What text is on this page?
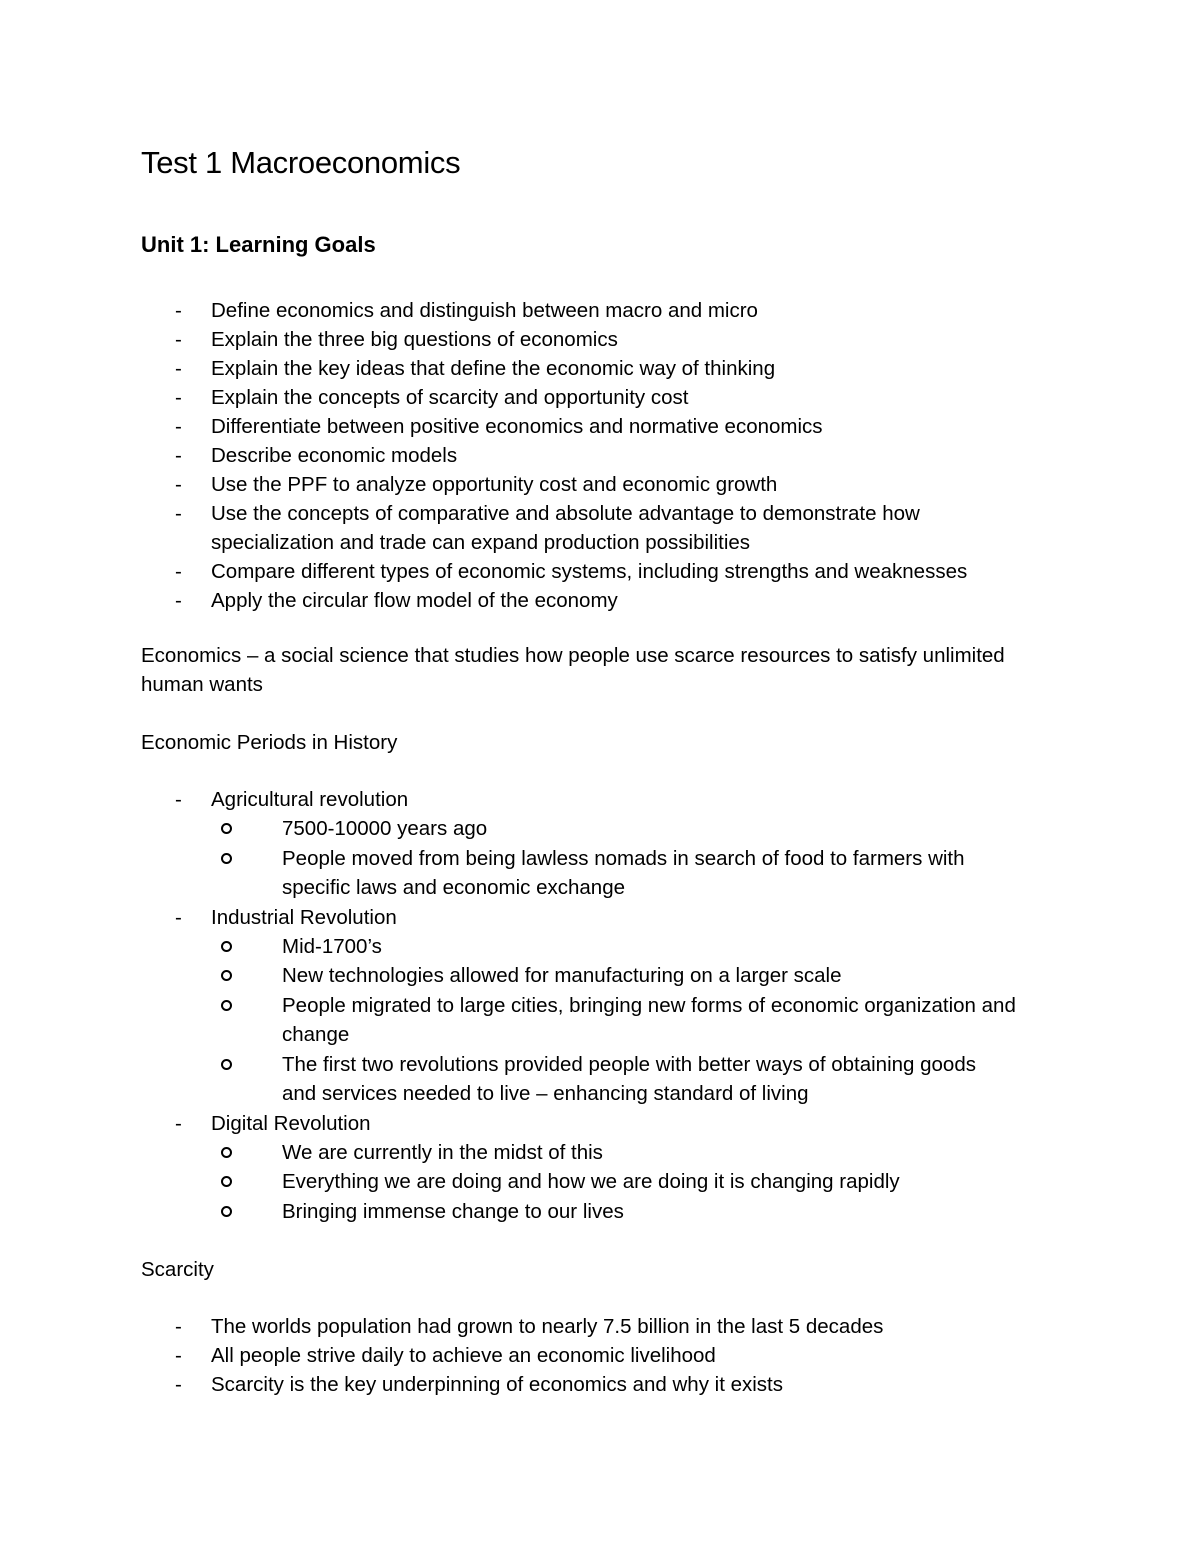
Test 1 Macroeconomics
Unit 1: Learning Goals
-	Define economics and distinguish between macro and micro
-	Explain the three big questions of economics
-	Explain the key ideas that define the economic way of thinking
-	Explain the concepts of scarcity and opportunity cost
-	Differentiate between positive economics and normative economics
-	Describe economic models
-	Use the PPF to analyze opportunity cost and economic growth
-	Use the concepts of comparative and absolute advantage to demonstrate how
specialization and trade can expand production possibilities
-	Compare different types of economic systems, including strengths and weaknesses
-	Apply the circular flow model of the economy

Economics – a social science that studies how people use scarce resources to satisfy unlimited

human wants

Economic Periods in History

-	Agricultural revolution
7500-10000 years ago
People moved from being lawless nomads in search of food to farmers with
specific laws and economic exchange
-	Industrial Revolution
Mid-1700’s
New technologies allowed for manufacturing on a larger scale
People migrated to large cities, bringing new forms of economic organization and
change
The first two revolutions provided people with better ways of obtaining goods
and services needed to live – enhancing standard of living
-	Digital Revolution
We are currently in the midst of this
Everything we are doing and how we are doing it is changing rapidly
Bringing immense change to our lives

Scarcity

-	The worlds population had grown to nearly 7.5 billion in the last 5 decades
-	All people strive daily to achieve an economic livelihood
-	Scarcity is the key underpinning of economics and why it exists
